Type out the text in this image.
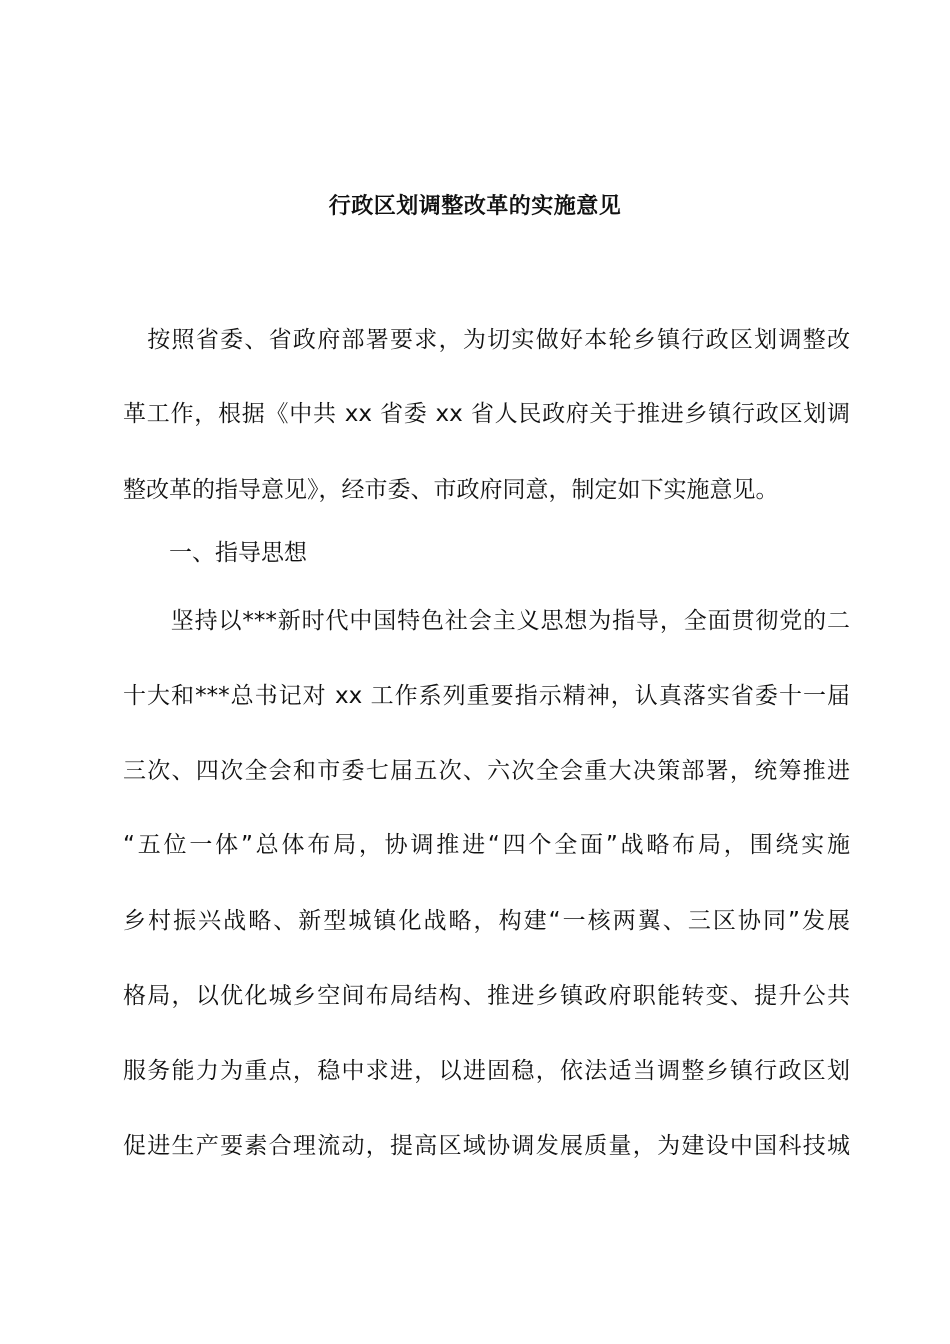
行政区划调整改革的实施意见
　按照省委、省政府部署要求，为切实做好本轮乡镇行政区划调整改
革工作，根据《中共 xx 省委 xx 省人民政府关于推进乡镇行政区划调
整改革的指导意见》，经市委、市政府同意，制定如下实施意见。
　　一、指导思想
　　坚持以***新时代中国特色社会主义思想为指导，全面贯彻党的二
十大和***总书记对 xx 工作系列重要指示精神，认真落实省委十一届
三次、四次全会和市委七届五次、六次全会重大决策部署，统筹推进
“五位一体”总体布局，协调推进“四个全面”战略布局，围绕实施
乡村振兴战略、新型城镇化战略，构建“一核两翼、三区协同”发展
格局，以优化城乡空间布局结构、推进乡镇政府职能转变、提升公共
服务能力为重点，稳中求进，以进固稳，依法适当调整乡镇行政区划
促进生产要素合理流动，提高区域协调发展质量，为建设中国科技城
